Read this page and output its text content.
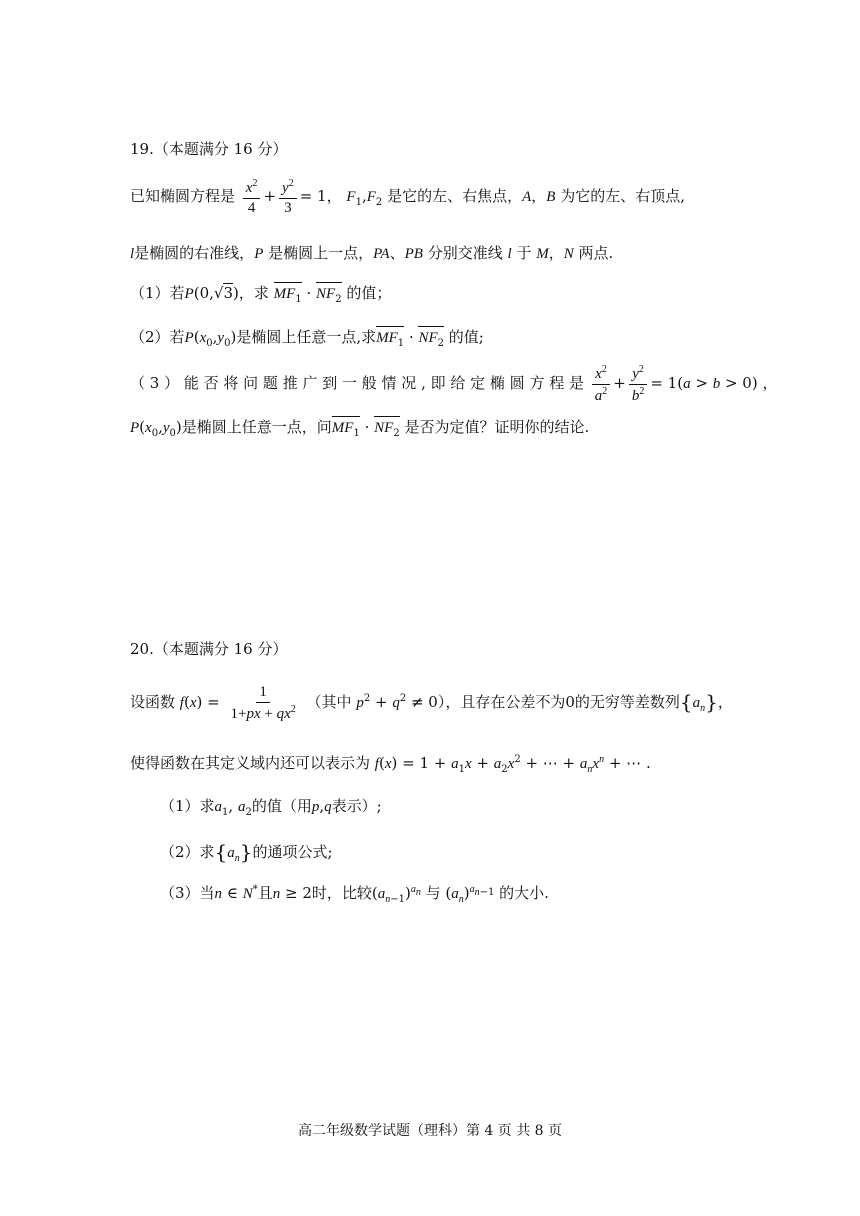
19.（本题满分 16 分）
已知椭圆方程是 $\frac{x^2}{4} + \frac{y^2}{3} = 1$， $F_1,F_2$ 是它的左、右焦点，A，B 为它的左、右顶点,
l是椭圆的右准线，P 是椭圆上一点，PA、PB 分别交准线 l 于 M，N 两点.
（1）若P(0,√3)，求 $MF_1 \cdot NF_2$ 的值；
（2）若$P(x_0,y_0)$是椭圆上任意一点,求$MF_1 \cdot NF_2$ 的值;
（ 3 ） 能 否 将 问 题 推 广 到 一 般 情 况 , 即 给 定 椭 圆 方 程 是 $\frac{x^2}{a^2} + \frac{y^2}{b^2} = 1(a > b > 0)$ ，
$P(x_0,y_0)$是椭圆上任意一点，问$MF_1 \cdot NF_2$ 是否为定值？证明你的结论.
20.（本题满分 16 分）
设函数 $f(x) = \frac{1}{1+px + qx^2}$ （其中 $p^2 + q^2 \ne 0$），且存在公差不为0的无穷等差数列$\{a_n\}$，
使得函数在其定义域内还可以表示为 $f(x) = 1 + a_1x + a_2x^2$ + ⋯ + $a_nx^n$ + ⋯ .
（1）求$a_1$, $a_2$的值（用p,q表示）;
（2）求$\{a_n\}$的通项公式;
（3）当n ∈ N*且n ≥ 2时，比较$(a_{n-1})^{a_n}$ 与 $(a_n)^{a_{n-1}}$ 的大小.
高二年级数学试题（理科）第 4 页 共 8 页
